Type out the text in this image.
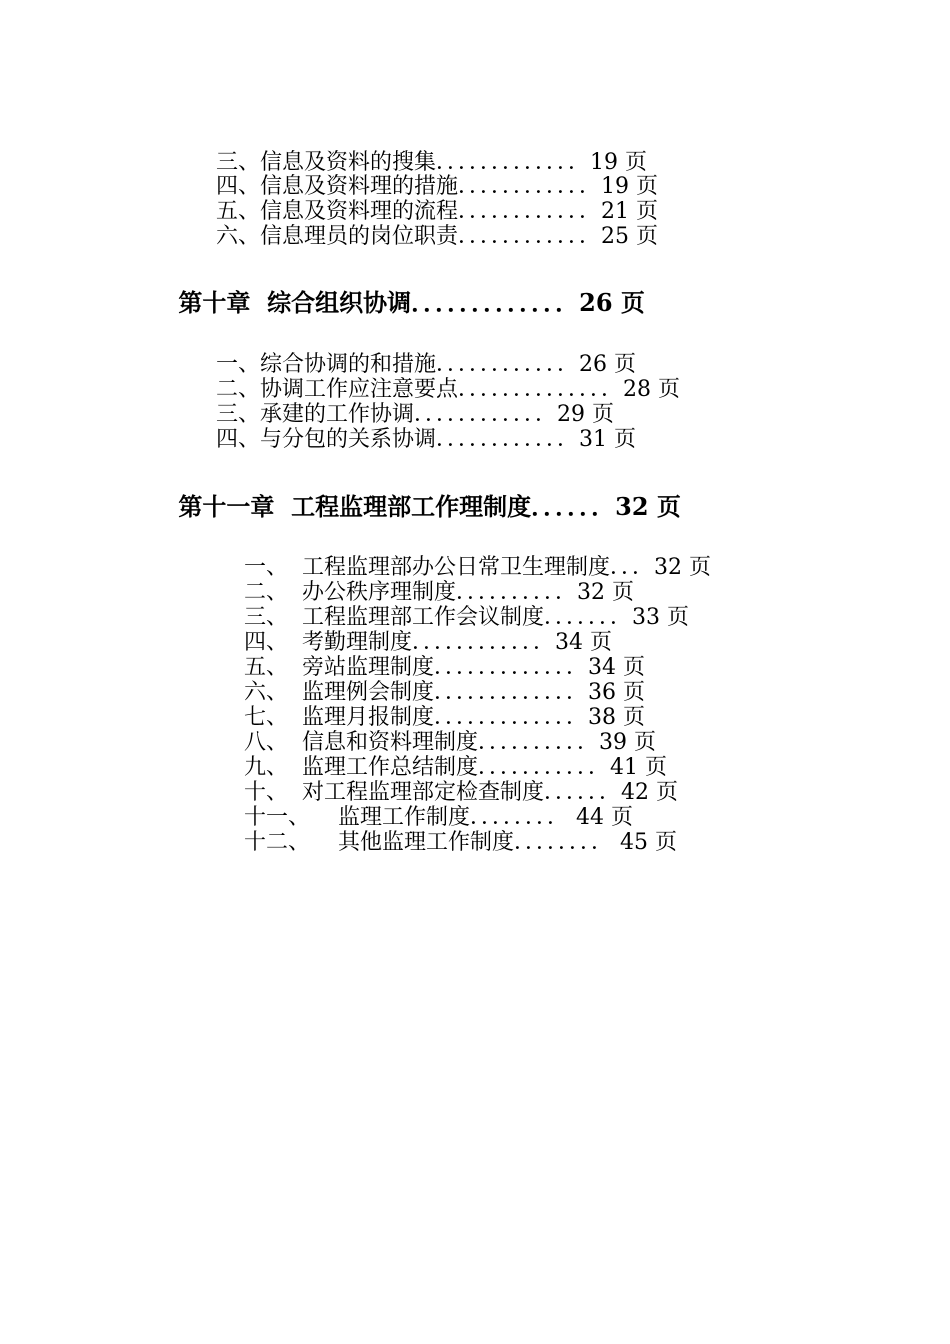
三、信息及资料的搜集．．．．．．．．．．．．．19 页

四、信息及资料理的措施．．．．．．．．．．．．19 页

五、信息及资料理的流程．．．．．．．．．．．．21 页

六、信息理员的岗位职责．．．．．．．．．．．．25 页

第十章  综合组织协调．．．．．．．．．．．．．26 页

一、综合协调的和措施．．．．．．．．．．．．26 页

二、协调工作应注意要点．．．．．．．．．．．．．．28 页

三、承建的工作协调．．．．．．．．．．．．29 页

四、与分包的关系协调．．．．．．．．．．．．31 页

第十一章  工程监理部工作理制度．．．．．．32 页

一、  工程监理部办公日常卫生理制度．．．32 页

二、  办公秩序理制度．．．．．．．．．．32 页

三、  工程监理部工作会议制度．．．．．．．33 页

四、  考勤理制度．．．．．．．．．．．．34 页

五、  旁站监理制度．．．．．．．．．．．．．34 页

六、  监理例会制度．．．．．．．．．．．．．36 页

七、  监理月报制度．．．．．．．．．．．．．38 页

八、  信息和资料理制度．．．．．．．．．．39 页

九、  监理工作总结制度．．．．．．．．．．．41 页

十、  对工程监理部定检查制度．．．．．．42 页

十一、    监理工作制度．．．．．．．． 44 页

十二、    其他监理工作制度．．．．．．．． 45 页
